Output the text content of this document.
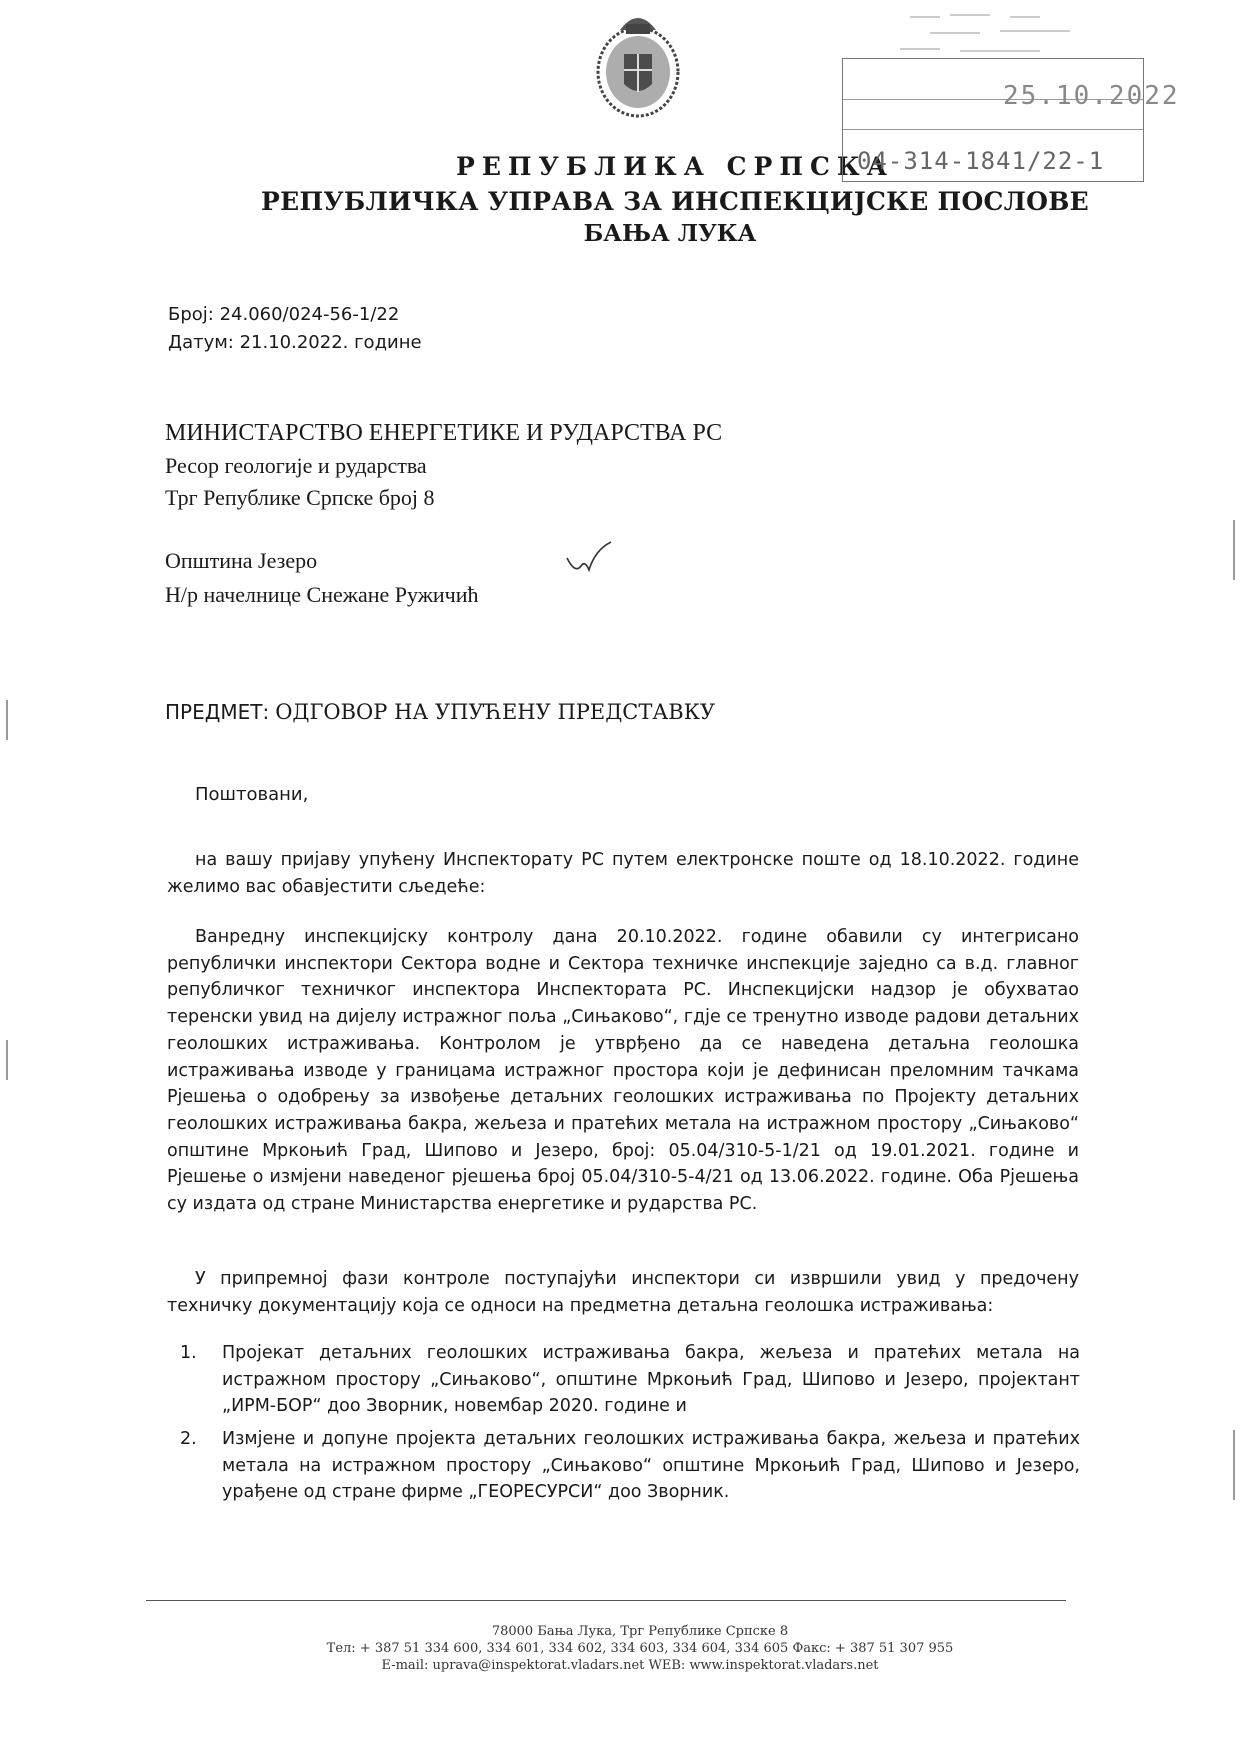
РЕПУБЛИКА СРПСКА
РЕПУБЛИЧКА УПРАВА ЗА ИНСПЕКЦИЈСКЕ ПОСЛОВЕ
БАЊА ЛУКА
25.10.2022
04-314-1841/22-1
Број: 24.060/024-56-1/22
Датум: 21.10.2022. године
МИНИСТАРСТВО ЕНЕРГЕТИКЕ И РУДАРСТВА РС
Ресор геологије и рударства
Трг Републике Српске број 8
Општина Језеро
Н/р начелнице Снежане Ружичић
ПРЕДМЕТ: ОДГОВОР НА УПУЋЕНУ ПРЕДСТАВКУ
Поштовани,
на вашу пријаву упућену Инспекторату РС путем електронске поште од 18.10.2022. године желимо вас обавјестити сљедеће:
Ванредну инспекцијску контролу дана 20.10.2022. године обавили су интегрисано републички инспектори Сектора водне и Сектора техничке инспекције заједно са в.д. главног републичког техничког инспектора Инспектората РС. Инспекцијски надзор је обухватао теренски увид на дијелу истражног поља „Сињаково“, гдје се тренутно изводе радови детаљних геолошких истраживања. Контролом је утврђено да се наведена детаљна геолошка истраживања изводе у границама истражног простора који је дефинисан преломним тачкама Рјешења о одобрењу за извођење детаљних геолошких истраживања по Пројекту детаљних геолошких истраживања бакра, жељеза и пратећих метала на истражном простору „Сињаково“ општине Мркоњић Град, Шипово и Језеро, број: 05.04/310-5-1/21 од 19.01.2021. године и Рјешење о измјени наведеног рјешења број 05.04/310-5-4/21 од 13.06.2022. године. Оба Рјешења су издата од стране Министарства енергетике и рударства РС.
У припремној фази контроле поступајући инспектори си извршили увид у предочену техничку документацију која се односи на предметна детаљна геолошка истраживања:
1. Пројекат детаљних геолошких истраживања бакра, жељеза и пратећих метала на истражном простору „Сињаково“, општине Мркоњић Град, Шипово и Језеро, пројектант „ИРМ-БОР“ доо Зворник, новембар 2020. године и
2. Измјене и допуне пројекта детаљних геолошких истраживања бакра, жељеза и пратећих метала на истражном простору „Сињаково“ општине Мркоњић Град, Шипово и Језеро, урађене од стране фирме „ГЕОРЕСУРСИ“ доо Зворник.
78000 Бања Лука, Трг Републике Српске 8
Тел: + 387 51 334 600, 334 601, 334 602, 334 603, 334 604, 334 605 Факс: + 387 51 307 955
E-mail: uprava@inspektorat.vladars.net WEB: www.inspektorat.vladars.net
